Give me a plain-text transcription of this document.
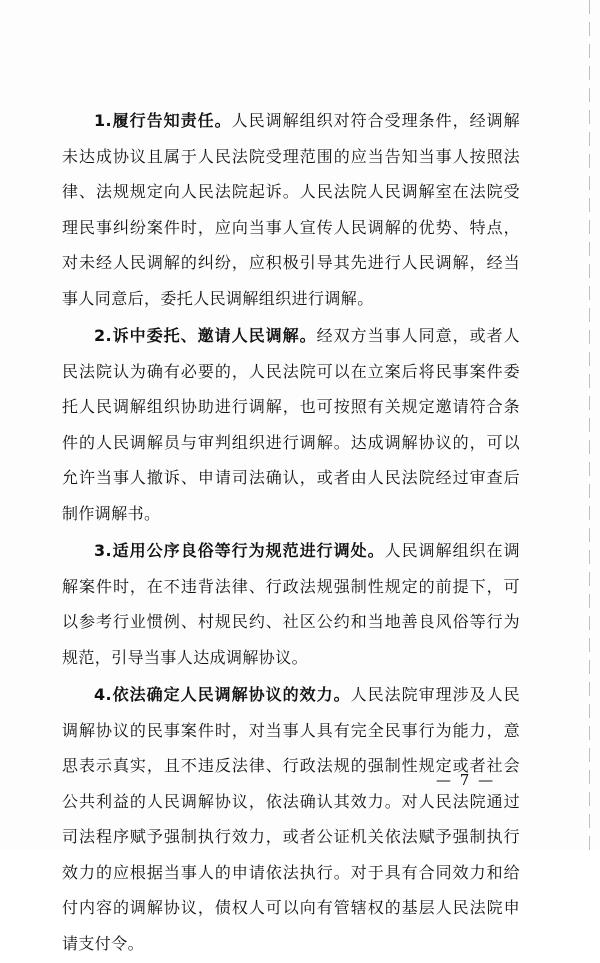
1.履行告知责任。人民调解组织对符合受理条件，经调解未达成协议且属于人民法院受理范围的应当告知当事人按照法律、法规规定向人民法院起诉。人民法院人民调解室在法院受理民事纠纷案件时，应向当事人宣传人民调解的优势、特点，对未经人民调解的纠纷，应积极引导其先进行人民调解，经当事人同意后，委托人民调解组织进行调解。

2.诉中委托、邀请人民调解。经双方当事人同意，或者人民法院认为确有必要的，人民法院可以在立案后将民事案件委托人民调解组织协助进行调解，也可按照有关规定邀请符合条件的人民调解员与审判组织进行调解。达成调解协议的，可以允许当事人撤诉、申请司法确认，或者由人民法院经过审查后制作调解书。

3.适用公序良俗等行为规范进行调处。人民调解组织在调解案件时，在不违背法律、行政法规强制性规定的前提下，可以参考行业惯例、村规民约、社区公约和当地善良风俗等行为规范，引导当事人达成调解协议。

4.依法确定人民调解协议的效力。人民法院审理涉及人民调解协议的民事案件时，对当事人具有完全民事行为能力，意思表示真实，且不违反法律、行政法规的强制性规定或者社会公共利益的人民调解协议，依法确认其效力。对人民法院通过司法程序赋予强制执行效力，或者公证机关依法赋予强制执行效力的应根据当事人的申请依法执行。对于具有合同效力和给付内容的调解协议，债权人可以向有管辖权的基层人民法院申请支付令。

— 7 —
